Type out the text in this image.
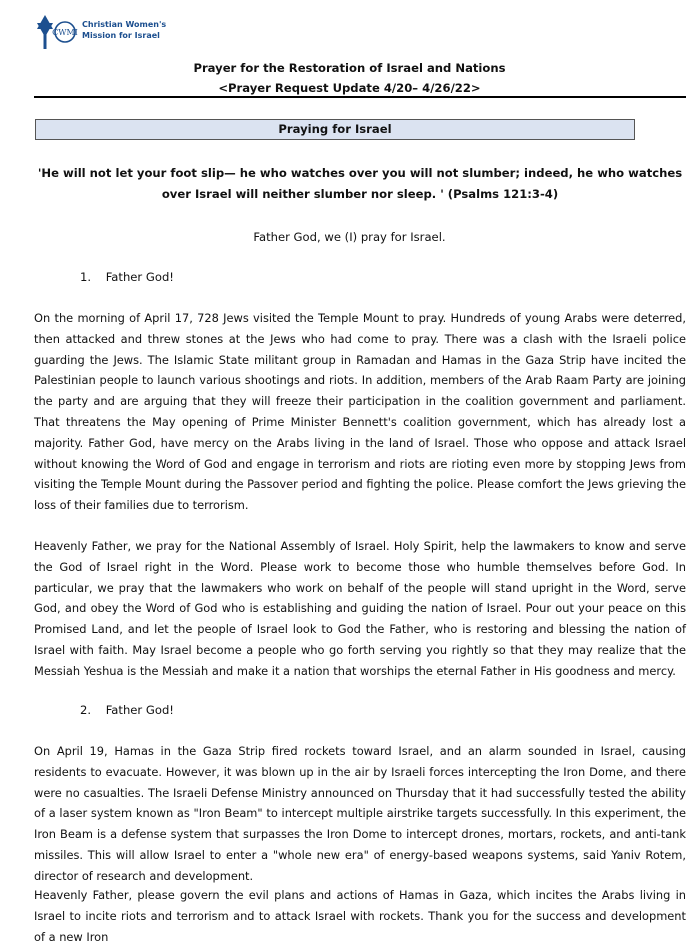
CWMI
Christian Women's
Mission for Israel
Prayer for the Restoration of Israel and Nations
<Prayer Request Update 4/20– 4/26/22>
Praying for Israel
'He will not let your foot slip— he who watches over you will not slumber; indeed, he who watches over Israel will neither slumber nor sleep. ' (Psalms 121:3-4)
Father God, we (I) pray for Israel.
1. Father God!

On the morning of April 17, 728 Jews visited the Temple Mount to pray. Hundreds of young Arabs were deterred, then attacked and threw stones at the Jews who had come to pray. There was a clash with the Israeli police guarding the Jews. The Islamic State militant group in Ramadan and Hamas in the Gaza Strip have incited the Palestinian people to launch various shootings and riots. In addition, members of the Arab Raam Party are joining the party and are arguing that they will freeze their participation in the coalition government and parliament. That threatens the May opening of Prime Minister Bennett's coalition government, which has already lost a majority. Father God, have mercy on the Arabs living in the land of Israel. Those who oppose and attack Israel without knowing the Word of God and engage in terrorism and riots are rioting even more by stopping Jews from visiting the Temple Mount during the Passover period and fighting the police. Please comfort the Jews grieving the loss of their families due to terrorism.

Heavenly Father, we pray for the National Assembly of Israel. Holy Spirit, help the lawmakers to know and serve the God of Israel right in the Word. Please work to become those who humble themselves before God. In particular, we pray that the lawmakers who work on behalf of the people will stand upright in the Word, serve God, and obey the Word of God who is establishing and guiding the nation of Israel. Pour out your peace on this Promised Land, and let the people of Israel look to God the Father, who is restoring and blessing the nation of Israel with faith. May Israel become a people who go forth serving you rightly so that they may realize that the Messiah Yeshua is the Messiah and make it a nation that worships the eternal Father in His goodness and mercy.

2. Father God!

On April 19, Hamas in the Gaza Strip fired rockets toward Israel, and an alarm sounded in Israel, causing residents to evacuate. However, it was blown up in the air by Israeli forces intercepting the Iron Dome, and there were no casualties. The Israeli Defense Ministry announced on Thursday that it had successfully tested the ability of a laser system known as "Iron Beam" to intercept multiple airstrike targets successfully. In this experiment, the Iron Beam is a defense system that surpasses the Iron Dome to intercept drones, mortars, rockets, and anti-tank missiles. This will allow Israel to enter a "whole new era" of energy-based weapons systems, said Yaniv Rotem, director of research and development.

Heavenly Father, please govern the evil plans and actions of Hamas in Gaza, which incites the Arabs living in Israel to incite riots and terrorism and to attack Israel with rockets. Thank you for the success and development of a new Iron
